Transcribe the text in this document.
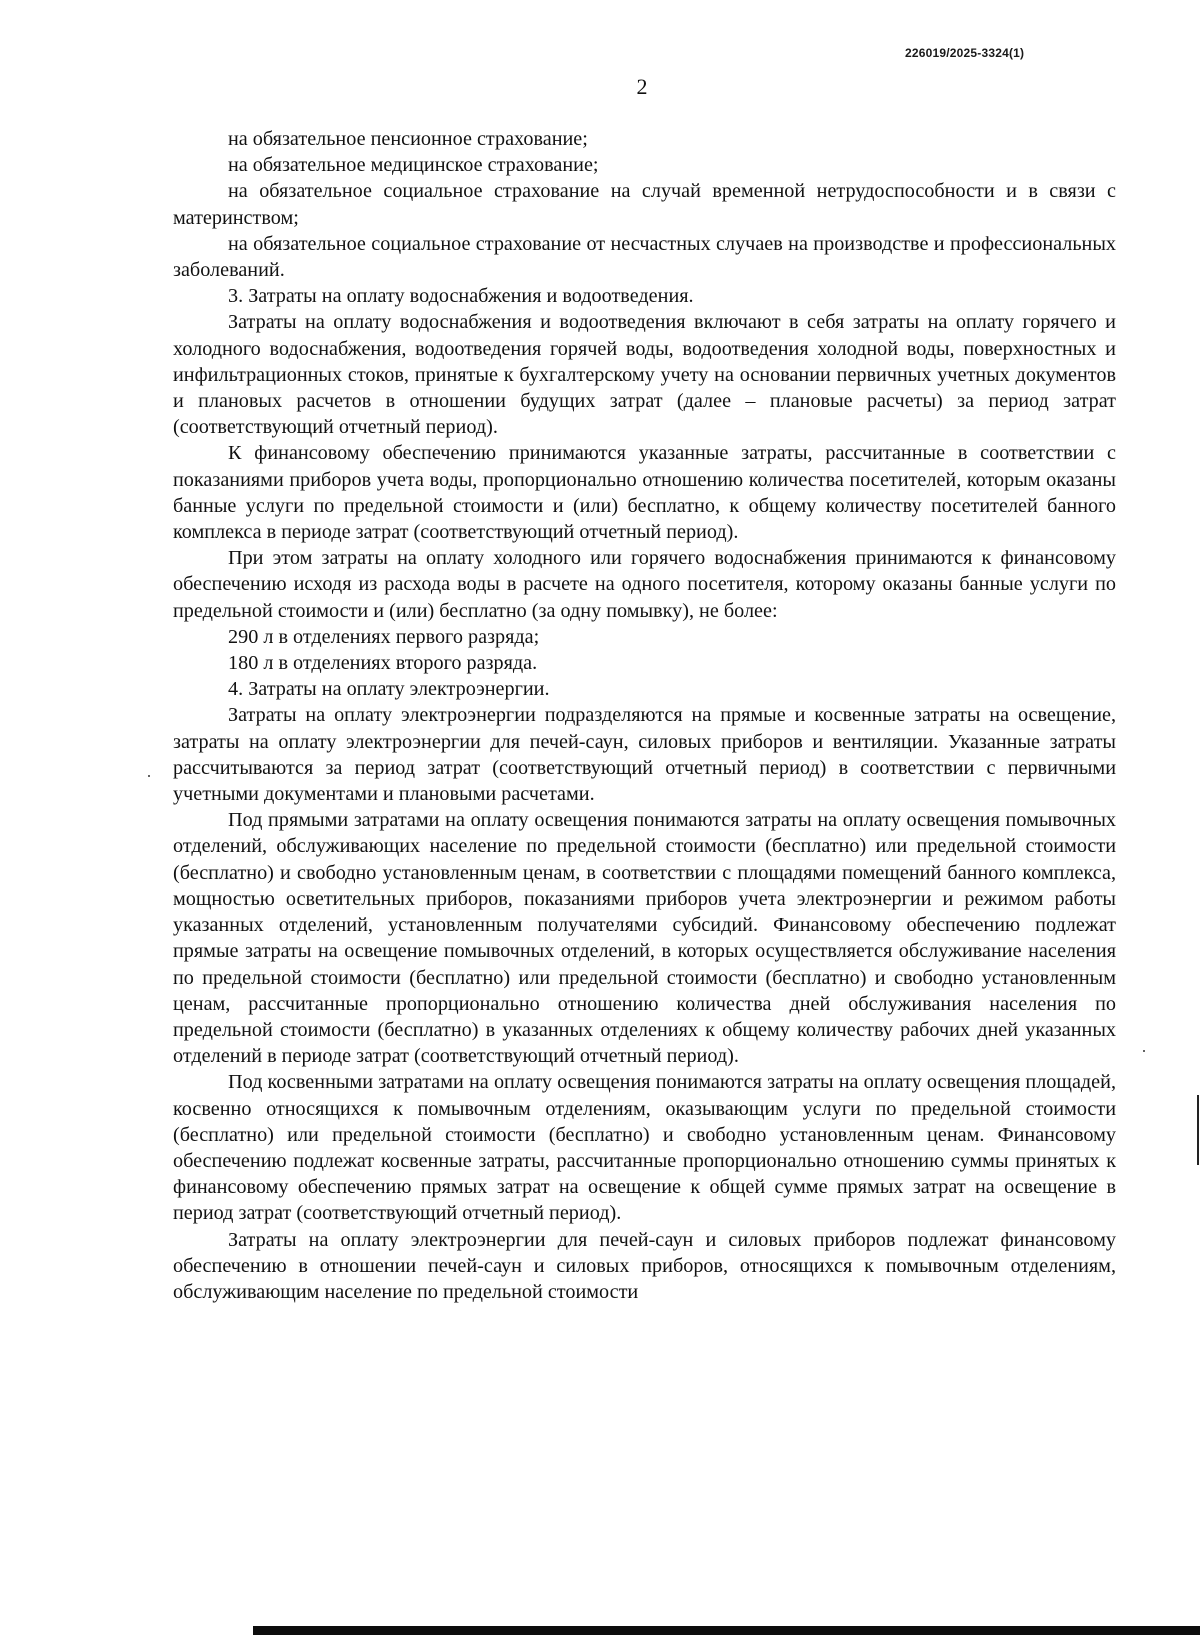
226019/2025-3324(1)
2

на обязательное пенсионное страхование;

на обязательное медицинское страхование;

на обязательное социальное страхование на случай временной нетрудоспособности и в связи с материнством;

на обязательное социальное страхование от несчастных случаев на производстве и профессиональных заболеваний.

3. Затраты на оплату водоснабжения и водоотведения.

Затраты на оплату водоснабжения и водоотведения включают в себя затраты на оплату горячего и холодного водоснабжения, водоотведения горячей воды, водоотведения холодной воды, поверхностных и инфильтрационных стоков, принятые к бухгалтерскому учету на основании первичных учетных документов и плановых расчетов в отношении будущих затрат (далее – плановые расчеты) за период затрат (соответствующий отчетный период).

К финансовому обеспечению принимаются указанные затраты, рассчитанные в соответствии с показаниями приборов учета воды, пропорционально отношению количества посетителей, которым оказаны банные услуги по предельной стоимости и (или) бесплатно, к общему количеству посетителей банного комплекса в периоде затрат (соответствующий отчетный период).

При этом затраты на оплату холодного или горячего водоснабжения принимаются к финансовому обеспечению исходя из расхода воды в расчете на одного посетителя, которому оказаны банные услуги по предельной стоимости и (или) бесплатно (за одну помывку), не более:

290 л в отделениях первого разряда;

180 л в отделениях второго разряда.

4. Затраты на оплату электроэнергии.

Затраты на оплату электроэнергии подразделяются на прямые и косвенные затраты на освещение, затраты на оплату электроэнергии для печей-саун, силовых приборов и вентиляции. Указанные затраты рассчитываются за период затрат (соответствующий отчетный период) в соответствии с первичными учетными документами и плановыми расчетами.

Под прямыми затратами на оплату освещения понимаются затраты на оплату освещения помывочных отделений, обслуживающих население по предельной стоимости (бесплатно) или предельной стоимости (бесплатно) и свободно установленным ценам, в соответствии с площадями помещений банного комплекса, мощностью осветительных приборов, показаниями приборов учета электроэнергии и режимом работы указанных отделений, установленным получателями субсидий. Финансовому обеспечению подлежат прямые затраты на освещение помывочных отделений, в которых осуществляется обслуживание населения по предельной стоимости (бесплатно) или предельной стоимости (бесплатно) и свободно установленным ценам, рассчитанные пропорционально отношению количества дней обслуживания населения по предельной стоимости (бесплатно) в указанных отделениях к общему количеству рабочих дней указанных отделений в периоде затрат (соответствующий отчетный период).

Под косвенными затратами на оплату освещения понимаются затраты на оплату освещения площадей, косвенно относящихся к помывочным отделениям, оказывающим услуги по предельной стоимости (бесплатно) или предельной стоимости (бесплатно) и свободно установленным ценам. Финансовому обеспечению подлежат косвенные затраты, рассчитанные пропорционально отношению суммы принятых к финансовому обеспечению прямых затрат на освещение к общей сумме прямых затрат на освещение в период затрат (соответствующий отчетный период).

Затраты на оплату электроэнергии для печей-саун и силовых приборов подлежат финансовому обеспечению в отношении печей-саун и силовых приборов, относящихся к помывочным отделениям, обслуживающим население по предельной стоимости
